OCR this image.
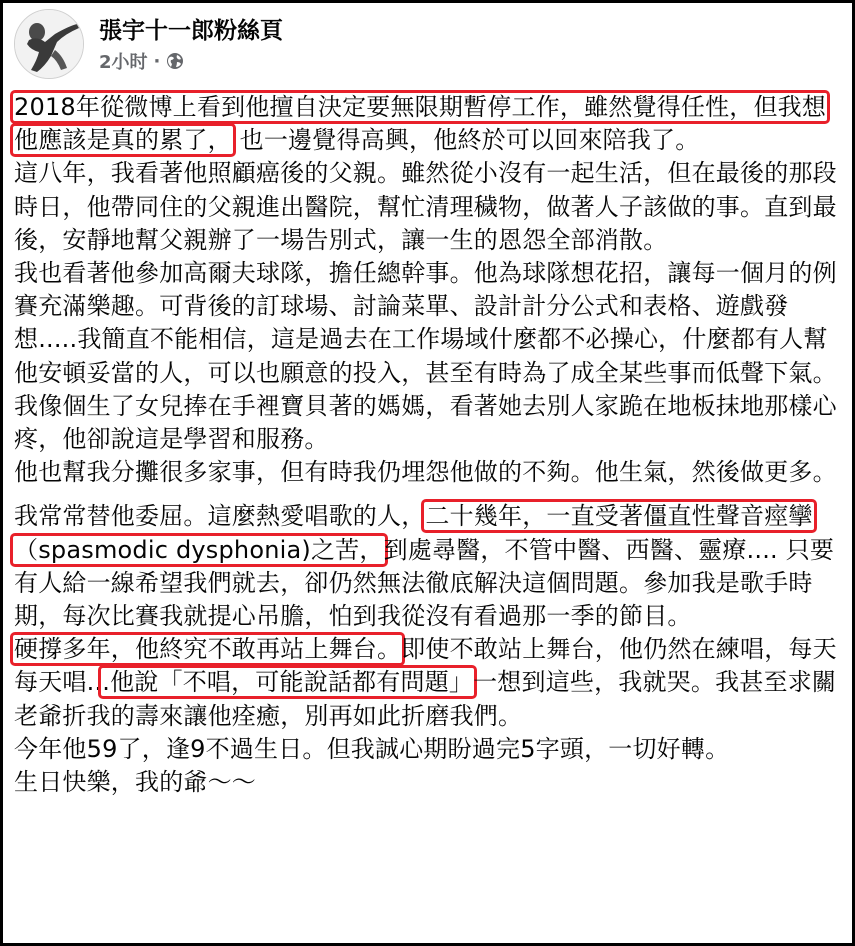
張宇十一郎粉絲頁
2小时 ·

2018年從微博上看到他擅自決定要無限期暫停工作，雖然覺得任性，但我想他應該是真的累了， 也一邊覺得高興，他終於可以回來陪我了。

這八年，我看著他照顧癌後的父親。雖然從小沒有一起生活，但在最後的那段時日，他帶同住的父親進出醫院，幫忙清理穢物，做著人子該做的事。直到最後，安靜地幫父親辦了一場告別式，讓一生的恩怨全部消散。

我也看著他參加高爾夫球隊，擔任總幹事。他為球隊想花招，讓每一個月的例賽充滿樂趣。可背後的訂球場、討論菜單、設計計分公式和表格、遊戲發想.....我簡直不能相信，這是過去在工作場域什麼都不必操心，什麼都有人幫他安頓妥當的人，可以也願意的投入，甚至有時為了成全某些事而低聲下氣。我像個生了女兒捧在手裡寶貝著的媽媽，看著她去別人家跪在地板抹地那樣心疼，他卻說這是學習和服務。

他也幫我分攤很多家事，但有時我仍埋怨他做的不夠。他生氣，然後做更多。

我常常替他委屈。這麼熱愛唱歌的人，二十幾年，一直受著僵直性聲音痙攣（spasmodic dysphonia)之苦，到處尋醫，不管中醫、西醫、靈療.... 只要有人給一線希望我們就去，卻仍然無法徹底解決這個問題。參加我是歌手時期，每次比賽我就提心吊膽，怕到我從沒有看過那一季的節目。

硬撐多年，他終究不敢再站上舞台。即使不敢站上舞台，他仍然在練唱，每天每天唱...他說「不唱，可能說話都有問題」一想到這些，我就哭。我甚至求關老爺折我的壽來讓他痊癒，別再如此折磨我們。

今年他59了，逢9不過生日。但我誠心期盼過完5字頭，一切好轉。

生日快樂，我的爺～～
